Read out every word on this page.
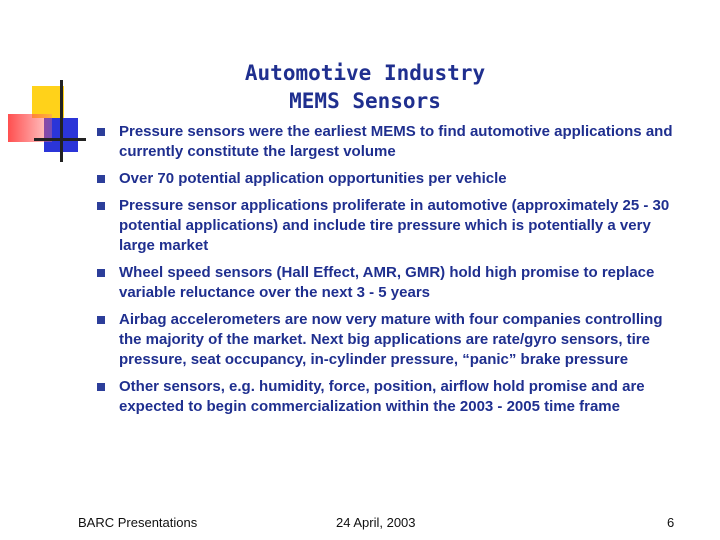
Automotive Industry
MEMS Sensors
Pressure sensors were the earliest MEMS to find automotive applications and currently constitute the largest volume
Over 70 potential application opportunities per vehicle
Pressure sensor applications proliferate in automotive (approximately 25 - 30 potential applications) and include tire pressure which is potentially a very large market
Wheel speed sensors (Hall Effect, AMR, GMR) hold high promise to replace variable reluctance over the next 3 - 5 years
Airbag accelerometers are now very mature with four companies controlling the majority of the market. Next big applications are rate/gyro sensors, tire pressure, seat occupancy, in-cylinder pressure, “panic” brake pressure
Other sensors, e.g. humidity, force, position, airflow hold promise and are expected to begin commercialization within the 2003 - 2005 time frame
BARC Presentations	24 April, 2003	6
